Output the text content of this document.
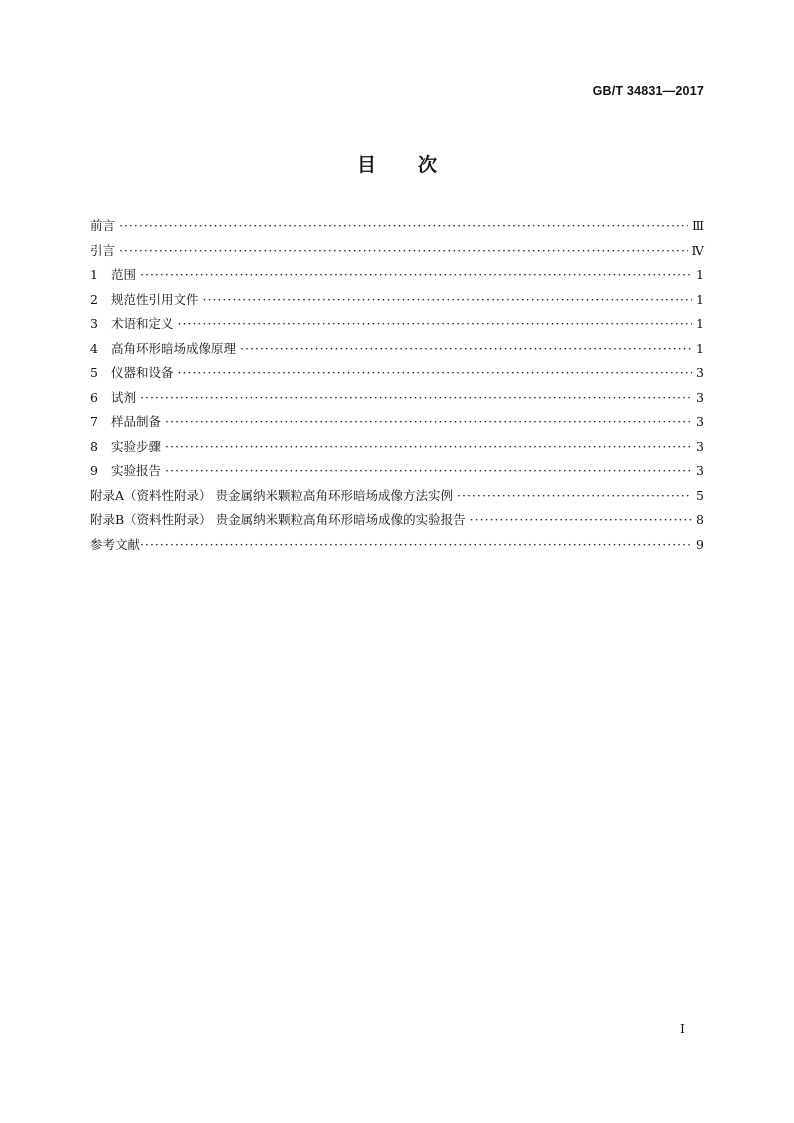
GB/T 34831—2017
目次
前言 ·····	Ⅲ
引言 ·····	Ⅳ
1	范围 ·····	1
2	规范性引用文件 ·····	1
3	术语和定义 ·····	1
4	高角环形暗场成像原理 ·····	1
5	仪器和设备 ·····	3
6	试剂 ·····	3
7	样品制备 ·····	3
8	实验步骤 ·····	3
9	实验报告 ·····	3
附录A（资料性附录） 贵金属纳米颗粒高角环形暗场成像方法实例 ·····	5
附录B（资料性附录） 贵金属纳米颗粒高角环形暗场成像的实验报告 ·····	8
参考文献 ·····	9
I
